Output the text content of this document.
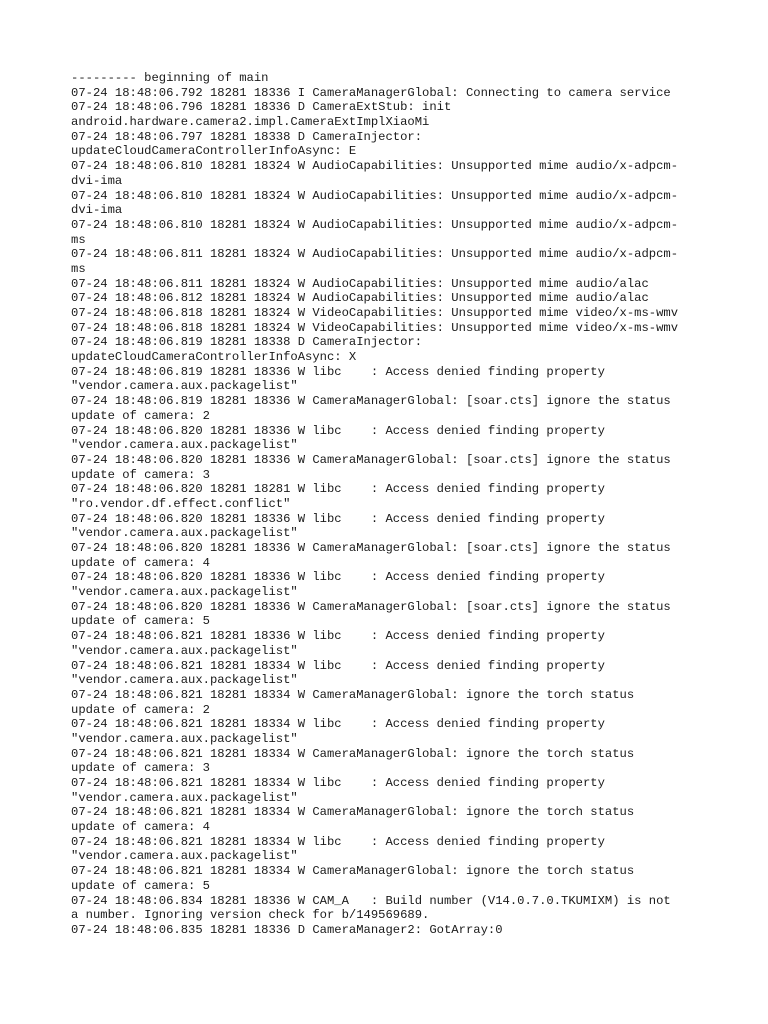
--------- beginning of main
07-24 18:48:06.792 18281 18336 I CameraManagerGlobal: Connecting to camera service
07-24 18:48:06.796 18281 18336 D CameraExtStub: init
android.hardware.camera2.impl.CameraExtImplXiaoMi
07-24 18:48:06.797 18281 18338 D CameraInjector:
updateCloudCameraControllerInfoAsync: E
07-24 18:48:06.810 18281 18324 W AudioCapabilities: Unsupported mime audio/x-adpcm-
dvi-ima
07-24 18:48:06.810 18281 18324 W AudioCapabilities: Unsupported mime audio/x-adpcm-
dvi-ima
07-24 18:48:06.810 18281 18324 W AudioCapabilities: Unsupported mime audio/x-adpcm-
ms
07-24 18:48:06.811 18281 18324 W AudioCapabilities: Unsupported mime audio/x-adpcm-
ms
07-24 18:48:06.811 18281 18324 W AudioCapabilities: Unsupported mime audio/alac
07-24 18:48:06.812 18281 18324 W AudioCapabilities: Unsupported mime audio/alac
07-24 18:48:06.818 18281 18324 W VideoCapabilities: Unsupported mime video/x-ms-wmv
07-24 18:48:06.818 18281 18324 W VideoCapabilities: Unsupported mime video/x-ms-wmv
07-24 18:48:06.819 18281 18338 D CameraInjector:
updateCloudCameraControllerInfoAsync: X
07-24 18:48:06.819 18281 18336 W libc    : Access denied finding property
"vendor.camera.aux.packagelist"
07-24 18:48:06.819 18281 18336 W CameraManagerGlobal: [soar.cts] ignore the status
update of camera: 2
07-24 18:48:06.820 18281 18336 W libc    : Access denied finding property
"vendor.camera.aux.packagelist"
07-24 18:48:06.820 18281 18336 W CameraManagerGlobal: [soar.cts] ignore the status
update of camera: 3
07-24 18:48:06.820 18281 18281 W libc    : Access denied finding property
"ro.vendor.df.effect.conflict"
07-24 18:48:06.820 18281 18336 W libc    : Access denied finding property
"vendor.camera.aux.packagelist"
07-24 18:48:06.820 18281 18336 W CameraManagerGlobal: [soar.cts] ignore the status
update of camera: 4
07-24 18:48:06.820 18281 18336 W libc    : Access denied finding property
"vendor.camera.aux.packagelist"
07-24 18:48:06.820 18281 18336 W CameraManagerGlobal: [soar.cts] ignore the status
update of camera: 5
07-24 18:48:06.821 18281 18336 W libc    : Access denied finding property
"vendor.camera.aux.packagelist"
07-24 18:48:06.821 18281 18334 W libc    : Access denied finding property
"vendor.camera.aux.packagelist"
07-24 18:48:06.821 18281 18334 W CameraManagerGlobal: ignore the torch status
update of camera: 2
07-24 18:48:06.821 18281 18334 W libc    : Access denied finding property
"vendor.camera.aux.packagelist"
07-24 18:48:06.821 18281 18334 W CameraManagerGlobal: ignore the torch status
update of camera: 3
07-24 18:48:06.821 18281 18334 W libc    : Access denied finding property
"vendor.camera.aux.packagelist"
07-24 18:48:06.821 18281 18334 W CameraManagerGlobal: ignore the torch status
update of camera: 4
07-24 18:48:06.821 18281 18334 W libc    : Access denied finding property
"vendor.camera.aux.packagelist"
07-24 18:48:06.821 18281 18334 W CameraManagerGlobal: ignore the torch status
update of camera: 5
07-24 18:48:06.834 18281 18336 W CAM_A   : Build number (V14.0.7.0.TKUMIXM) is not
a number. Ignoring version check for b/149569689.
07-24 18:48:06.835 18281 18336 D CameraManager2: GotArray:0
